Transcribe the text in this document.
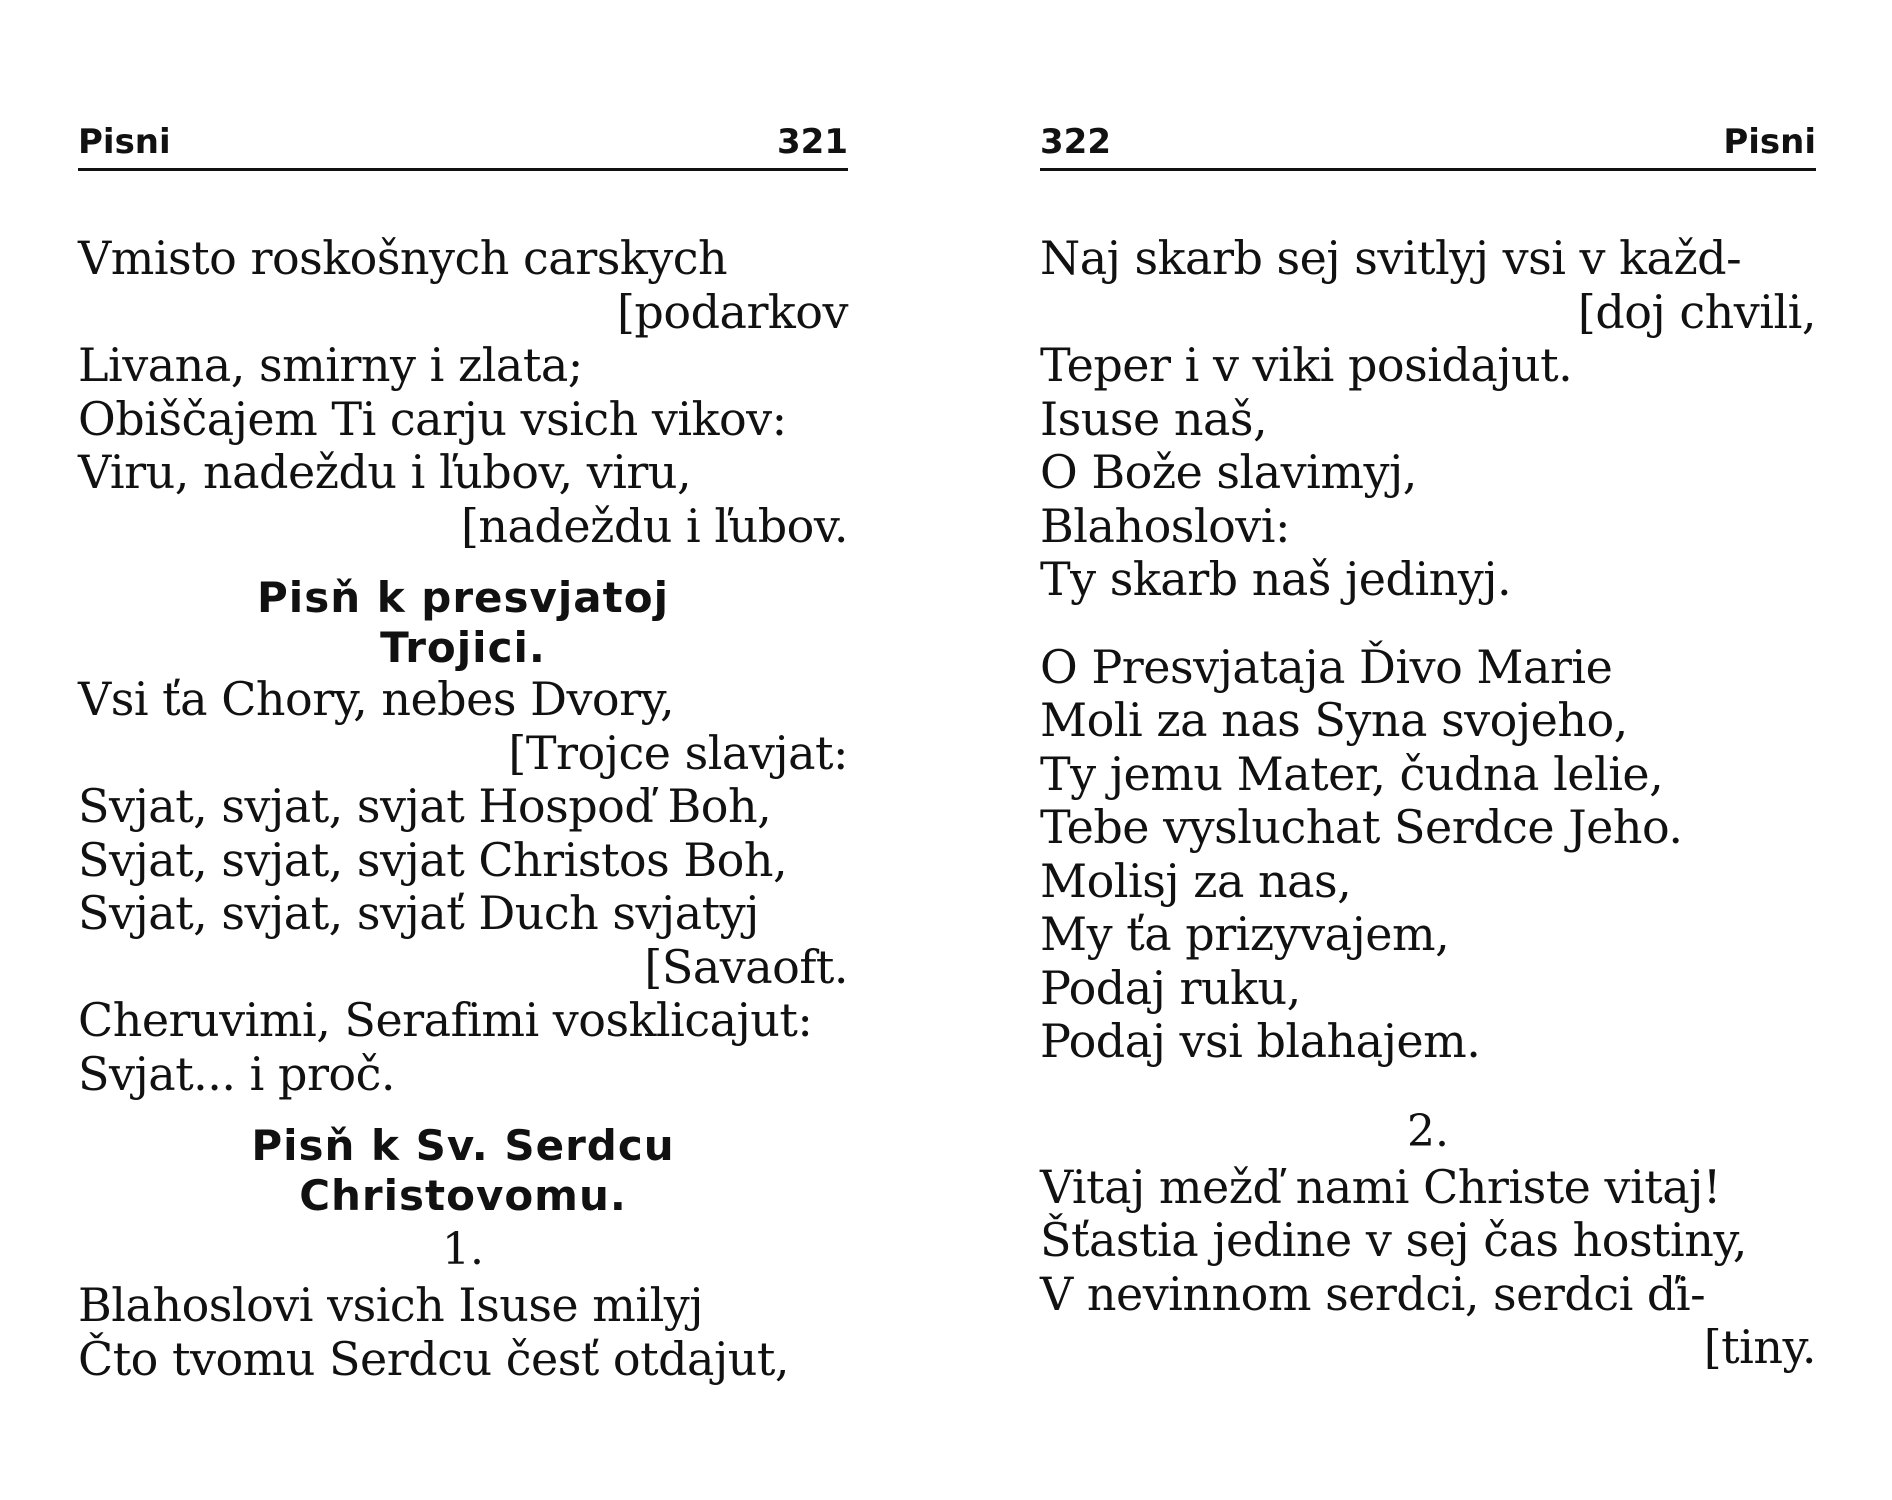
Pisni	321
Vmisto roskošnych carskych
[podarkov
Livana, smirny i zlata;
Obiščajem Ti carju vsich vikov:
Viru, nadeždu i ľubov, viru,
[nadeždu i ľubov.
Pisň k presvjatoj
Trojici.
Vsi ťa Chory, nebes Dvory,
[Trojce slavjat:
Svjat, svjat, svjat Hospoď Boh,
Svjat, svjat, svjat Christos Boh,
Svjat, svjat, svjať Duch svjatyj
[Savaoft.
Cheruvimi, Serafimi vosklicajut:
Svjat... i proč.
Pisň k Sv. Serdcu
Christovomu.
1.
Blahoslovi vsich Isuse milyj
Čto tvomu Serdcu česť otdajut,
322	Pisni
Naj skarb sej svitlyj vsi v každ-
[doj chvili,
Teper i v viki posidajut.
Isuse naš,
O Bože slavimyj,
Blahoslovi:
Ty skarb naš jedinyj.
O Presvjataja Ďivo Marie
Moli za nas Syna svojeho,
Ty jemu Mater, čudna lelie,
Tebe vysluchat Serdce Jeho.
Molisj za nas,
My ťa prizyvajem,
Podaj ruku,
Podaj vsi blahajem.
2.
Vitaj mežď nami Christe vitaj!
Šťastia jedine v sej čas hostiny,
V nevinnom serdci, serdci ďi-
[tiny.
